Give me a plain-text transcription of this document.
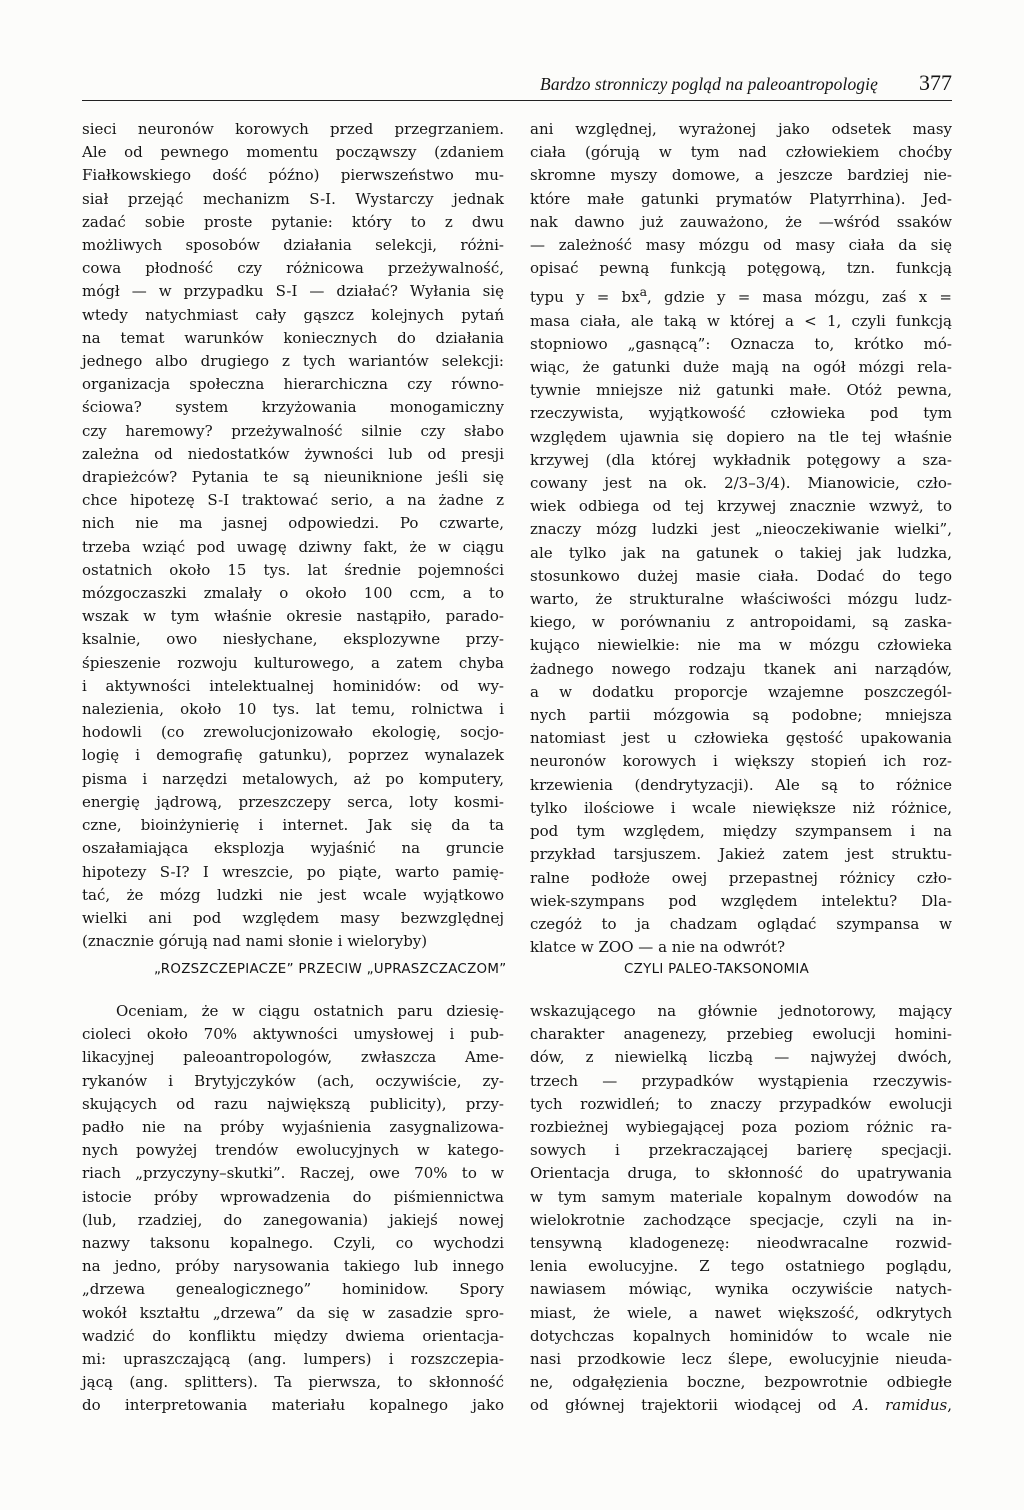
Bardzo stronniczy pogląd na paleoantropologię 377
sieci neuronów korowych przed przegrzaniem.
Ale od pewnego momentu począwszy (zdaniem
Fiałkowskiego dość późno) pierwszeństwo mu-
siał przejąć mechanizm S-I. Wystarczy jednak
zadać sobie proste pytanie: który to z dwu
możliwych sposobów działania selekcji, różni-
cowa płodność czy różnicowa przeżywalność,
mógł — w przypadku S-I — działać? Wyłania się
wtedy natychmiast cały gąszcz kolejnych pytań
na temat warunków koniecznych do działania
jednego albo drugiego z tych wariantów selekcji:
organizacja społeczna hierarchiczna czy równo-
ściowa? system krzyżowania monogamiczny
czy haremowy? przeżywalność silnie czy słabo
zależna od niedostatków żywności lub od presji
drapieżców? Pytania te są nieuniknione jeśli się
chce hipotezę S-I traktować serio, a na żadne z
nich nie ma jasnej odpowiedzi. Po czwarte,
trzeba wziąć pod uwagę dziwny fakt, że w ciągu
ostatnich około 15 tys. lat średnie pojemności
mózgoczaszki zmalały o około 100 ccm, a to
wszak w tym właśnie okresie nastąpiło, parado-
ksalnie, owo niesłychane, eksplozywne przy-
śpieszenie rozwoju kulturowego, a zatem chyba
i aktywności intelektualnej hominidów: od wy-
nalezienia, około 10 tys. lat temu, rolnictwa i
hodowli (co zrewolucjonizowało ekologię, socjo-
logię i demografię gatunku), poprzez wynalazek
pisma i narzędzi metalowych, aż po komputery,
energię jądrową, przeszczepy serca, loty kosmi-
czne, bioinżynierię i internet. Jak się da ta
oszałamiająca eksplozja wyjaśnić na gruncie
hipotezy S-I? I wreszcie, po piąte, warto pamię-
tać, że mózg ludzki nie jest wcale wyjątkowo
wielki ani pod względem masy bezwzględnej
(znacznie górują nad nami słonie i wieloryby)
ani względnej, wyrażonej jako odsetek masy
ciała (górują w tym nad człowiekiem choćby
skromne myszy domowe, a jeszcze bardziej nie-
które małe gatunki prymatów Platyrrhina). Jed-
nak dawno już zauważono, że —wśród ssaków
— zależność masy mózgu od masy ciała da się
opisać pewną funkcją potęgową, tzn. funkcją
typu $y = bx^a$, gdzie y = masa mózgu, zaś x =
masa ciała, ale taką w której a < 1, czyli funkcją
stopniowo „gasnącą”: Oznacza to, krótko mó-
wiąc, że gatunki duże mają na ogół mózgi rela-
tywnie mniejsze niż gatunki małe. Otóż pewna,
rzeczywista, wyjątkowość człowieka pod tym
względem ujawnia się dopiero na tle tej właśnie
krzywej (dla której wykładnik potęgowy a sza-
cowany jest na ok. 2/3–3/4). Mianowicie, czło-
wiek odbiega od tej krzywej znacznie wzwyż, to
znaczy mózg ludzki jest „nieoczekiwanie wielki”,
ale tylko jak na gatunek o takiej jak ludzka,
stosunkowo dużej masie ciała. Dodać do tego
warto, że strukturalne właściwości mózgu ludz-
kiego, w porównaniu z antropoidami, są zaska-
kująco niewielkie: nie ma w mózgu człowieka
żadnego nowego rodzaju tkanek ani narządów,
a w dodatku proporcje wzajemne poszczegól-
nych partii mózgowia są podobne; mniejsza
natomiast jest u człowieka gęstość upakowania
neuronów korowych i większy stopień ich roz-
krzewienia (dendrytyzacji). Ale są to różnice
tylko ilościowe i wcale niewiększe niż różnice,
pod tym względem, między szympansem i na
przykład tarsjuszem. Jakież zatem jest struktu-
ralne podłoże owej przepastnej różnicy czło-
wiek-szympans pod względem intelektu? Dla-
czegóż to ja chadzam oglądać szympansa w
klatce w ZOO — a nie na odwrót?
„ROZSZCZEPIACZE” PRZECIW „UPRASZCZACZOM”	CZYLI PALEO-TAKSONOMIA
Oceniam, że w ciągu ostatnich paru dziesię-
cioleci około 70% aktywności umysłowej i pub-
likacyjnej paleoantropologów, zwłaszcza Ame-
rykanów i Brytyjczyków (ach, oczywiście, zy-
skujących od razu największą publicity), przy-
padło nie na próby wyjaśnienia zasygnalizowa-
nych powyżej trendów ewolucyjnych w katego-
riach „przyczyny–skutki”. Raczej, owe 70% to w
istocie próby wprowadzenia do piśmiennictwa
(lub, rzadziej, do zanegowania) jakiejś nowej
nazwy taksonu kopalnego. Czyli, co wychodzi
na jedno, próby narysowania takiego lub innego
„drzewa genealogicznego” hominidow. Spory
wokół kształtu „drzewa” da się w zasadzie spro-
wadzić do konfliktu między dwiema orientacja-
mi: upraszczającą (ang. lumpers) i rozszczepia-
jącą (ang. splitters). Ta pierwsza, to skłonność
do interpretowania materiału kopalnego jako
wskazującego na głównie jednotorowy, mający
charakter anagenezy, przebieg ewolucji homini-
dów, z niewielką liczbą — najwyżej dwóch,
trzech — przypadków wystąpienia rzeczywis-
tych rozwidleń; to znaczy przypadków ewolucji
rozbieżnej wybiegającej poza poziom różnic ra-
sowych i przekraczającej barierę specjacji.
Orientacja druga, to skłonność do upatrywania
w tym samym materiale kopalnym dowodów na
wielokrotnie zachodzące specjacje, czyli na in-
tensywną kladogenezę: nieodwracalne rozwid-
lenia ewolucyjne. Z tego ostatniego poglądu,
nawiasem mówiąc, wynika oczywiście natych-
miast, że wiele, a nawet większość, odkrytych
dotychczas kopalnych hominidów to wcale nie
nasi przodkowie lecz ślepe, ewolucyjnie nieuda-
ne, odgałęzienia boczne, bezpowrotnie odbiegłe
od głównej trajektorii wiodącej od A. ramidus,
